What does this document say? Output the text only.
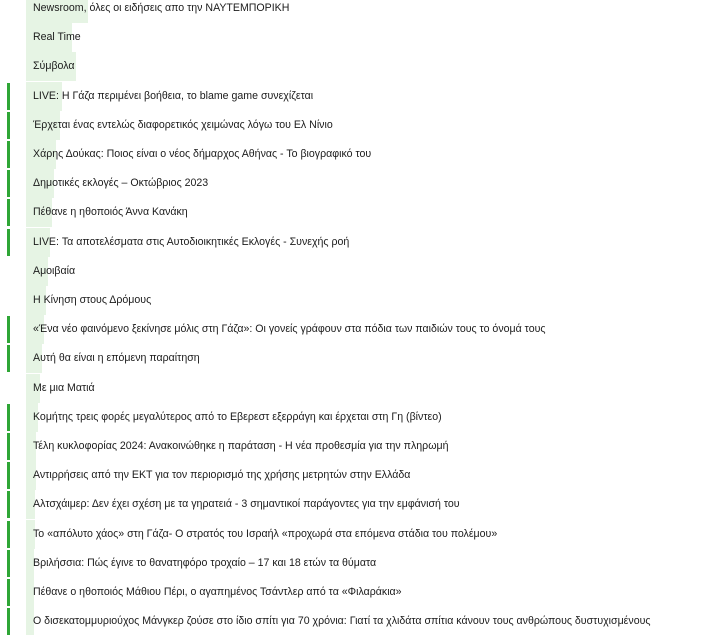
Newsroom, όλες οι ειδήσεις απο την ΝΑΥΤΕΜΠΟΡΙΚΗ
Real Time
Σύμβολα
LIVE: Η Γάζα περιμένει βοήθεια, το blame game συνεχίζεται
Έρχεται ένας εντελώς διαφορετικός χειμώνας λόγω του Ελ Νίνιο
Χάρης Δούκας: Ποιος είναι ο νέος δήμαρχος Αθήνας - Το βιογραφικό του
Δημοτικές εκλογές – Οκτώβριος 2023
Πέθανε η ηθοποιός Άννα Κανάκη
LIVE: Τα αποτελέσματα στις Αυτοδιοικητικές Εκλογές - Συνεχής ροή
Αμοιβαία
Η Κίνηση στους Δρόμους
«Ένα νέο φαινόμενο ξεκίνησε μόλις στη Γάζα»: Οι γονείς γράφουν στα πόδια των παιδιών τους το όνομά τους
Αυτή θα είναι η επόμενη παραίτηση
Με μια Ματιά
Κομήτης τρεις φορές μεγαλύτερος από το Εβερεστ εξερράγη και έρχεται στη Γη (βίντεο)
Τέλη κυκλοφορίας 2024: Ανακοινώθηκε η παράταση - Η νέα προθεσμία για την πληρωμή
Αντιρρήσεις από την ΕΚΤ για τον περιορισμό της χρήσης μετρητών στην Ελλάδα
Αλτσχάιμερ: Δεν έχει σχέση με τα γηρατειά - 3 σημαντικοί παράγοντες για την εμφάνισή του
Το «απόλυτο χάος» στη Γάζα- Ο στρατός του Ισραήλ «προχωρά στα επόμενα στάδια του πολέμου»
Βριλήσσια: Πώς έγινε το θανατηφόρο τροχαίο – 17 και 18 ετών τα θύματα
Πέθανε ο ηθοποιός Μάθιου Πέρι, ο αγαπημένος Τσάντλερ από τα «Φιλαράκια»
Ο δισεκατομμυριούχος Μάνγκερ ζούσε στο ίδιο σπίτι για 70 χρόνια: Γιατί τα χλιδάτα σπίτια κάνουν τους ανθρώπους δυστυχισμένους
